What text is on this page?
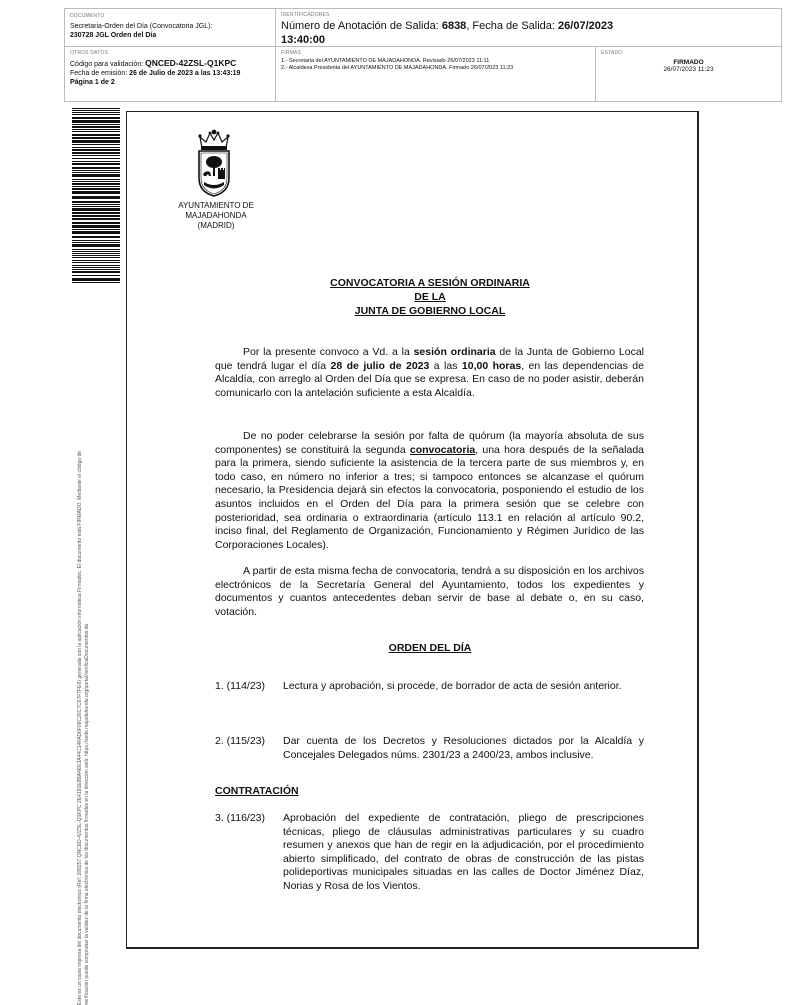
DOCUMENTO
Secretaria-Orden del Día (Convocatoria JGL):
230728 JGL Orden del Día
IDENTIFICADORES
Número de Anotación de Salida: 6838, Fecha de Salida: 26/07/2023
13:40:00
OTROS DATOS
Código para validación: QNCED-42ZSL-Q1KPC
Fecha de emisión: 26 de Julio de 2023 a las 13:43:19
Página 1 de 2
FIRMAS
1.- Secretaria del AYUNTAMIENTO DE MAJADAHONDA. Revisado 26/07/2023 11:11
2.- Alcaldesa Presidenta del AYUNTAMIENTO DE MAJADAHONDA. Firmado 26/07/2023 11:23
ESTADO
FIRMADO
26/07/2023 11:23
Este es un copia impresa del documento electrónico (Ref: 288257 QNCED-42ZSL-Q1KPC 2E4181E8BA4EE3A44C14FAD6F08C26C7C67F7FE6) generada con la aplicación informática Firmadoc. El documento está FIRMADO. Mediante el código de verificación puede comprobar la validez de la firma electrónica de los documentos firmados en la dirección web: https://sede.majadahonda.org/portal/verificaDocumentos.do
AYUNTAMIENTO DE
MAJADAHONDA
(MADRID)
CONVOCATORIA A SESIÓN ORDINARIA
DE LA
JUNTA DE GOBIERNO LOCAL
Por la presente convoco a Vd. a la sesión ordinaria de la Junta de Gobierno Local que tendrá lugar el día 28 de julio de 2023 a las 10,00 horas, en las dependencias de Alcaldía, con arreglo al Orden del Día que se expresa. En caso de no poder asistir, deberán comunicarlo con la antelación suficiente a esta Alcaldía.
De no poder celebrarse la sesión por falta de quórum (la mayoría absoluta de sus componentes) se constituirá la segunda convocatoria, una hora después de la señalada para la primera, siendo suficiente la asistencia de la tercera parte de sus miembros y, en todo caso, en número no inferior a tres; si tampoco entonces se alcanzase el quórum necesario, la Presidencia dejará sin efectos la convocatoria, posponiendo el estudio de los asuntos incluidos en el Orden del Día para la primera sesión que se celebre con posterioridad, sea ordinaria o extraordinaria (artículo 113.1 en relación al artículo 90.2, inciso final, del Reglamento de Organización, Funcionamiento y Régimen Jurídico de las Corporaciones Locales).
A partir de esta misma fecha de convocatoria, tendrá a su disposición en los archivos electrónicos de la Secretaría General del Ayuntamiento, todos los expedientes y documentos y cuantos antecedentes deban servir de base al debate o, en su caso, votación.
ORDEN DEL DÍA
1. (114/23)	Lectura y aprobación, si procede, de borrador de acta de sesión anterior.
2. (115/23)	Dar cuenta de los Decretos y Resoluciones dictados por la Alcaldía y Concejales Delegados núms. 2301/23 a 2400/23, ambos inclusive.
CONTRATACIÓN
3. (116/23)	Aprobación del expediente de contratación, pliego de prescripciones técnicas, pliego de cláusulas administrativas particulares y su cuadro resumen y anexos que han de regir en la adjudicación, por el procedimiento abierto simplificado, del contrato de obras de construcción de las pistas polideportivas municipales situadas en las calles de Doctor Jiménez Díaz, Norias y Rosa de los Vientos.
